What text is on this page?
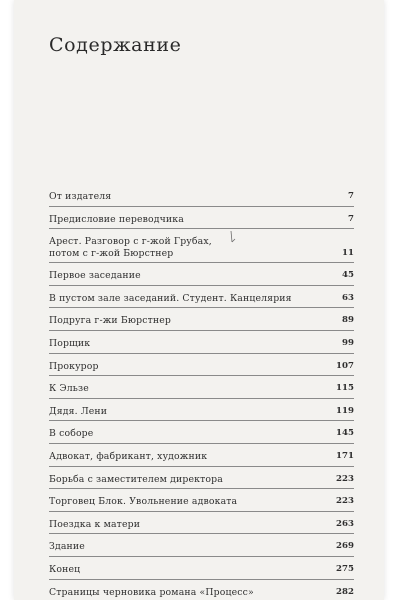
Содержание
От издателя	7
Предисловие переводчика	7
Арест. Разговор с г-жой Грубах,
потом с г-жой Бюрстнер	11
Первое заседание	45
В пустом зале заседаний. Студент. Канцелярия	63
Подруга г-жи Бюрстнер	89
Порщик	99
Прокурор	107
К Эльзе	115
Дядя. Лени	119
В соборе	145
Адвокат, фабрикант, художник	171
Борьба с заместителем директора	223
Торговец Блок. Увольнение адвоката	223
Поездка к матери	263
Здание	269
Конец	275
Страницы черновика романа «Процесс»	282
